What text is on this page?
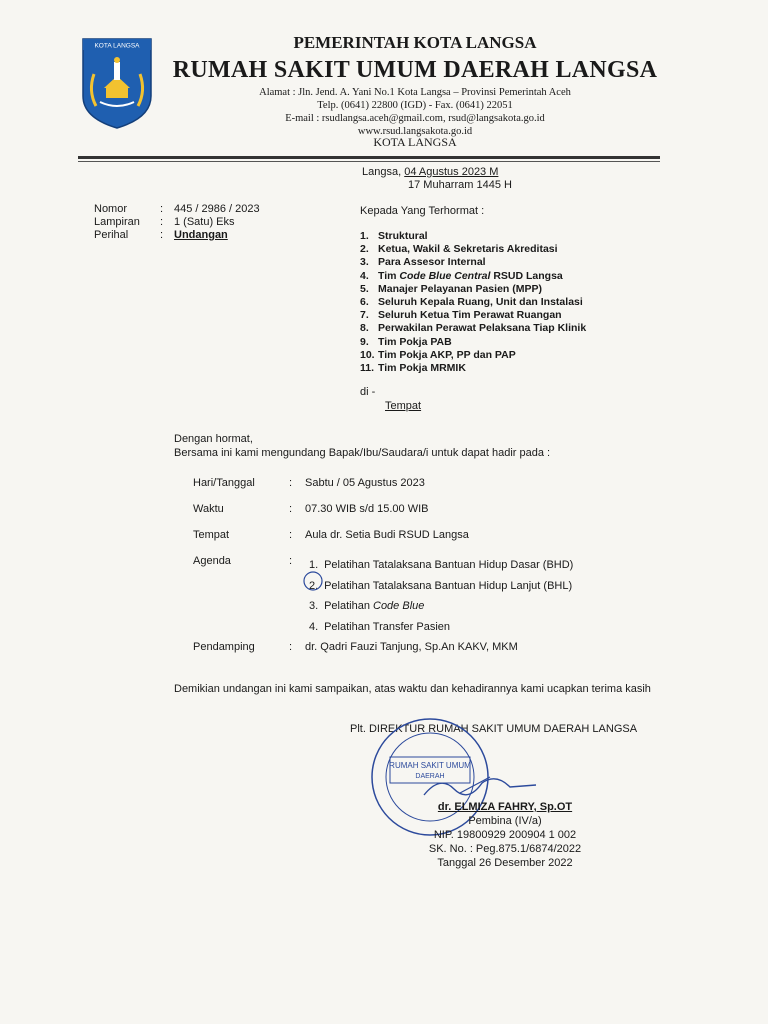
KOTA LANGSA	PEMERINTAH KOTA LANGSA
RUMAH SAKIT UMUM DAERAH LANGSA
Alamat : Jln. Jend. A. Yani No.1 Kota Langsa – Provinsi Pemerintah Aceh
Telp. (0641) 22800 (IGD) - Fax. (0641) 22051
E-mail : rsudlangsa.aceh@gmail.com, rsud@langsakota.go.id
www.rsud.langsakota.go.id
KOTA LANGSA
Langsa, 04 Agustus 2023 M
17 Muharram 1445 H
Nomor	: 445 / 2986 / 2023
Lampiran : 1 (Satu) Eks
Perihal	: Undangan
Kepada Yang Terhormat :
1. Struktural
2. Ketua, Wakil & Sekretaris Akreditasi
3. Para Assesor Internal
4. Tim Code Blue Central RSUD Langsa
5. Manajer Pelayanan Pasien (MPP)
6. Seluruh Kepala Ruang, Unit dan Instalasi
7. Seluruh Ketua Tim Perawat Ruangan
8. Perwakilan Perawat Pelaksana Tiap Klinik
9. Tim Pokja PAB
10. Tim Pokja AKP, PP dan PAP
11. Tim Pokja MRMIK
di -
Tempat
Dengan hormat,
Bersama ini kami mengundang Bapak/Ibu/Saudara/i untuk dapat hadir pada :
Hari/Tanggal	: Sabtu / 05 Agustus 2023
Waktu	: 07.30 WIB s/d 15.00 WIB
Tempat	: Aula dr. Setia Budi RSUD Langsa
Agenda	: 1. Pelatihan Tatalaksana Bantuan Hidup Dasar (BHD)
2. Pelatihan Tatalaksana Bantuan Hidup Lanjut (BHL)
3. Pelatihan Code Blue
4. Pelatihan Transfer Pasien
Pendamping	: dr. Qadri Fauzi Tanjung, Sp.An KAKV, MKM
Demikian undangan ini kami sampaikan, atas waktu dan kehadirannya kami ucapkan terima kasih
Plt. DIREKTUR RUMAH SAKIT UMUM DAERAH LANGSA
RUMAH SAKIT UMUM
DAERAH
dr. ELMIZA FAHRY, Sp.OT
Pembina (IV/a)
NIP. 19800929 200904 1 002
SK. No. : Peg.875.1/6874/2022
Tanggal 26 Desember 2022
